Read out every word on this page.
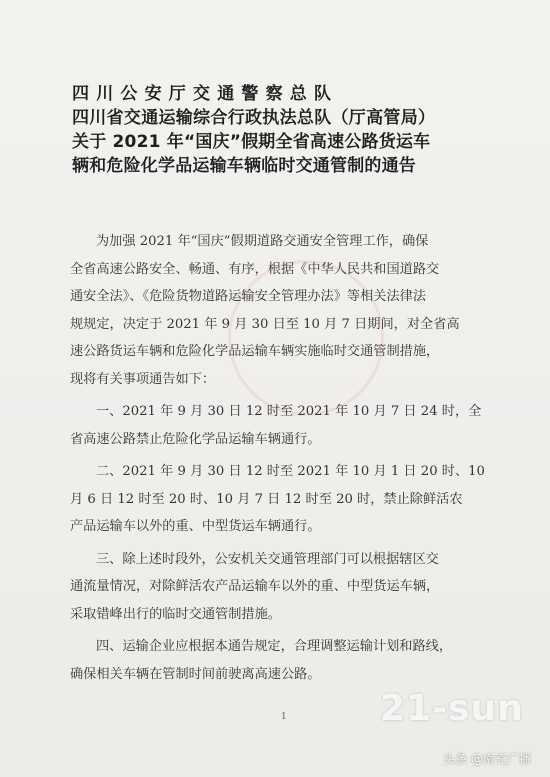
四川公安厅交通警察总队
四川省交通运输综合行政执法总队（厅高管局）
关于 2021 年“国庆”假期全省高速公路货运车
辆和危险化学品运输车辆临时交通管制的通告

为加强 2021 年“国庆”假期道路交通安全管理工作，确保

全省高速公路安全、畅通、有序，根据《中华人民共和国道路交

通安全法》、《危险货物道路运输安全管理办法》等相关法律法

规规定，决定于 2021 年 9 月 30 日至 10 月 7 日期间，对全省高

速公路货运车辆和危险化学品运输车辆实施临时交通管制措施，

现将有关事项通告如下：

一、2021 年 9 月 30 日 12 时至 2021 年 10 月 7 日 24 时，全

省高速公路禁止危险化学品运输车辆通行。

二、2021 年 9 月 30 日 12 时至 2021 年 10 月 1 日 20 时、10

月 6 日 12 时至 20 时、10 月 7 日 12 时至 20 时，禁止除鲜活农

产品运输车以外的重、中型货运车辆通行。

三、除上述时段外，公安机关交通管理部门可以根据辖区交

通流量情况，对除鲜活农产品运输车以外的重、中型货运车辆，

采取错峰出行的临时交通管制措施。

四、运输企业应根据本通告规定，合理调整运输计划和路线，

确保相关车辆在管制时间前驶离高速公路。

1	21-sun
头条 @南充广播
